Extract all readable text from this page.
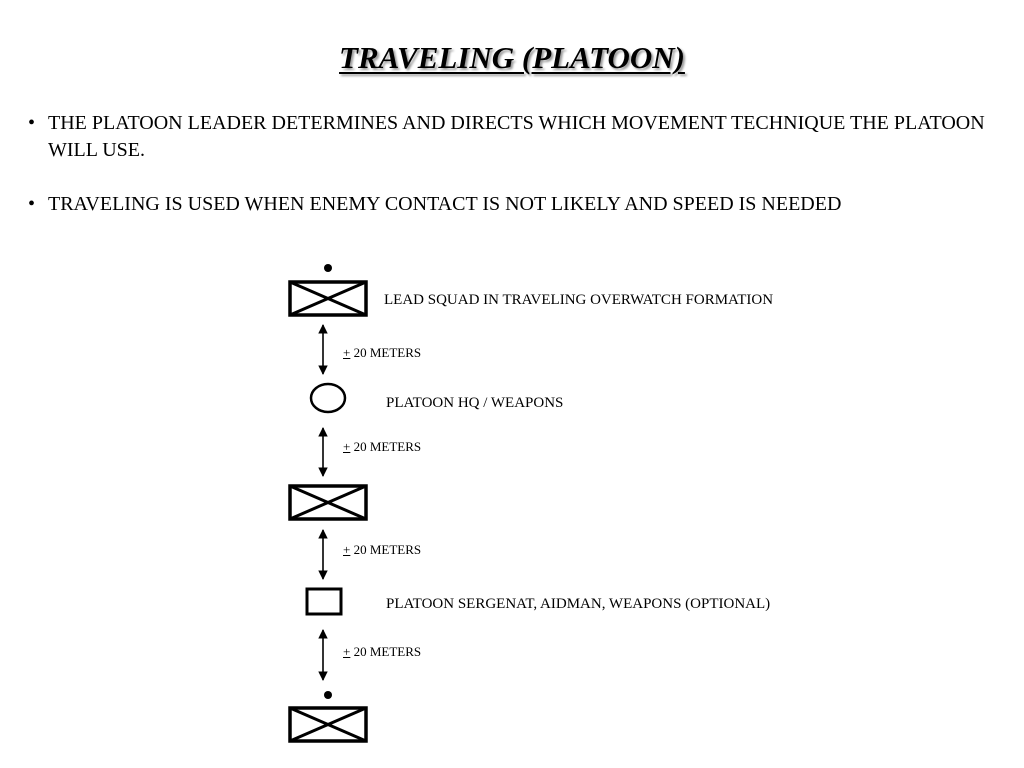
TRAVELING (PLATOON)
• THE PLATOON LEADER DETERMINES AND DIRECTS WHICH MOVEMENT TECHNIQUE THE PLATOON WILL USE.
• TRAVELING IS USED WHEN ENEMY CONTACT IS NOT LIKELY AND SPEED IS NEEDED
LEAD SQUAD IN TRAVELING OVERWATCH FORMATION
PLATOON HQ / WEAPONS
PLATOON SERGENAT, AIDMAN, WEAPONS (OPTIONAL)
+ 20 METERS
+ 20 METERS
+ 20 METERS
+ 20 METERS
